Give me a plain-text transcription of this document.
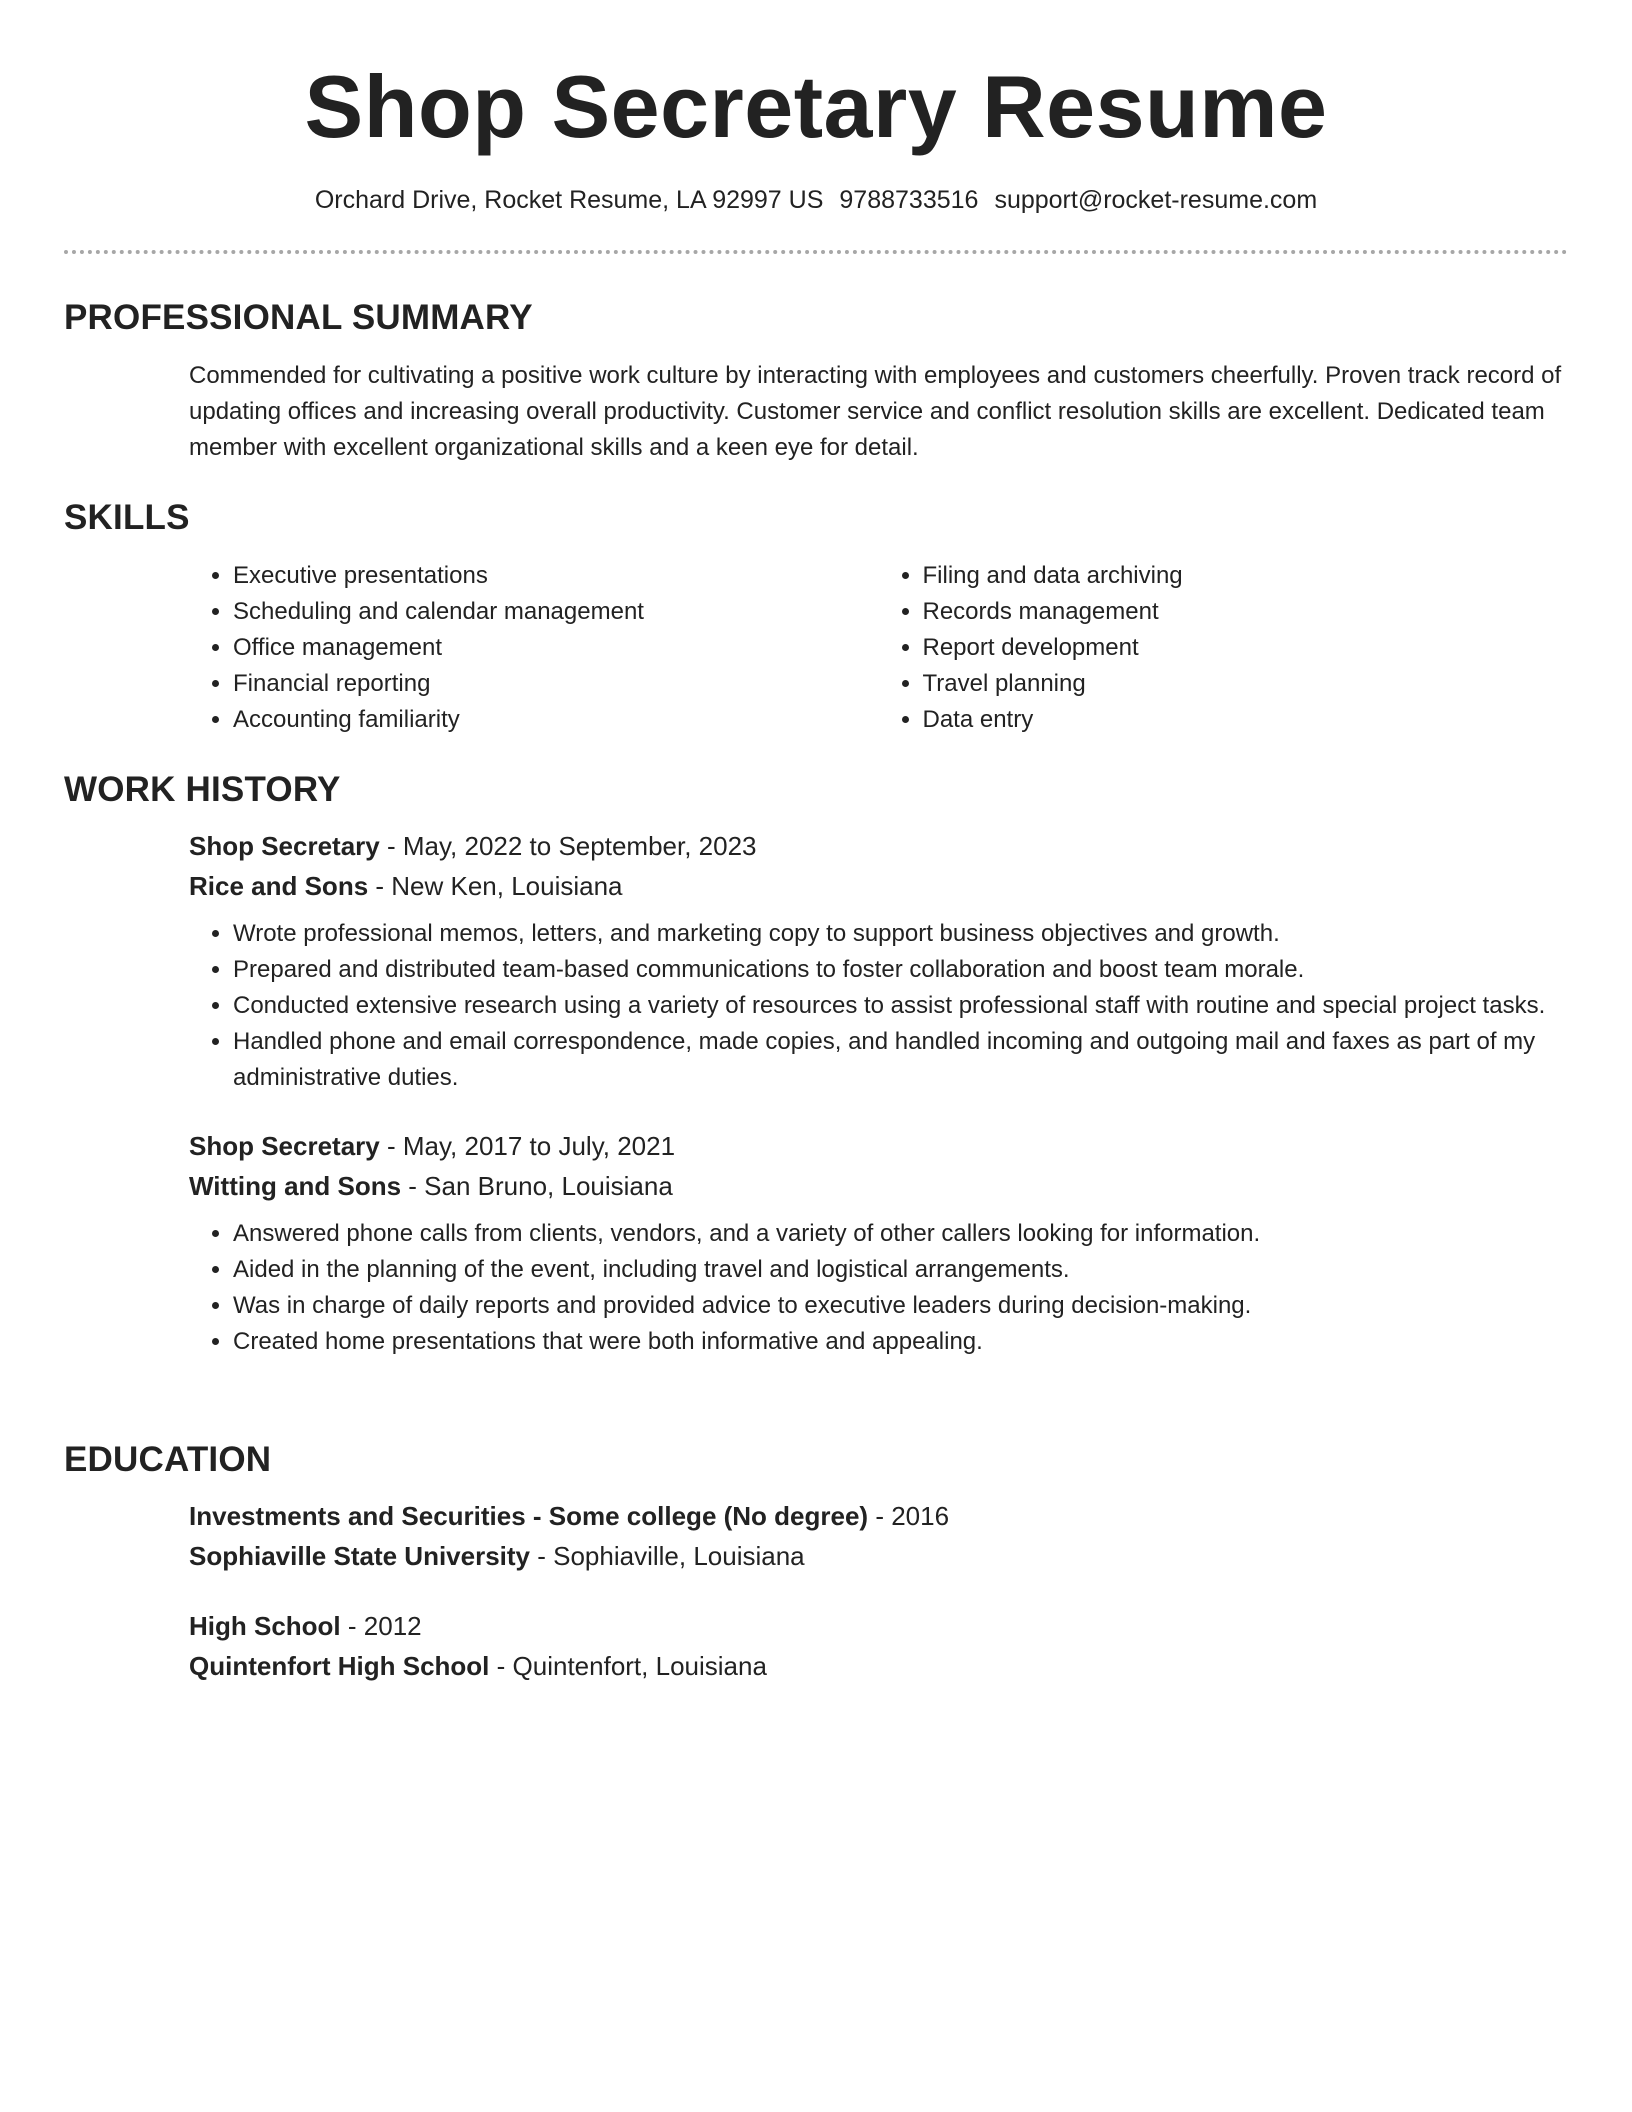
Shop Secretary Resume
Orchard Drive, Rocket Resume, LA 92997 US 9788733516 support@rocket-resume.com
PROFESSIONAL SUMMARY
Commended for cultivating a positive work culture by interacting with employees and customers cheerfully. Proven track record of updating offices and increasing overall productivity. Customer service and conflict resolution skills are excellent. Dedicated team member with excellent organizational skills and a keen eye for detail.
SKILLS
• Executive presentations
• Scheduling and calendar management
• Office management
• Financial reporting
• Accounting familiarity
• Filing and data archiving
• Records management
• Report development
• Travel planning
• Data entry
WORK HISTORY
Shop Secretary - May, 2022 to September, 2023
Rice and Sons - New Ken, Louisiana
• Wrote professional memos, letters, and marketing copy to support business objectives and growth.
• Prepared and distributed team-based communications to foster collaboration and boost team morale.
• Conducted extensive research using a variety of resources to assist professional staff with routine and special project tasks.
• Handled phone and email correspondence, made copies, and handled incoming and outgoing mail and faxes as part of my administrative duties.
Shop Secretary - May, 2017 to July, 2021
Witting and Sons - San Bruno, Louisiana
• Answered phone calls from clients, vendors, and a variety of other callers looking for information.
• Aided in the planning of the event, including travel and logistical arrangements.
• Was in charge of daily reports and provided advice to executive leaders during decision-making.
• Created home presentations that were both informative and appealing.
EDUCATION
Investments and Securities - Some college (No degree) - 2016
Sophiaville State University - Sophiaville, Louisiana
High School - 2012
Quintenfort High School - Quintenfort, Louisiana
